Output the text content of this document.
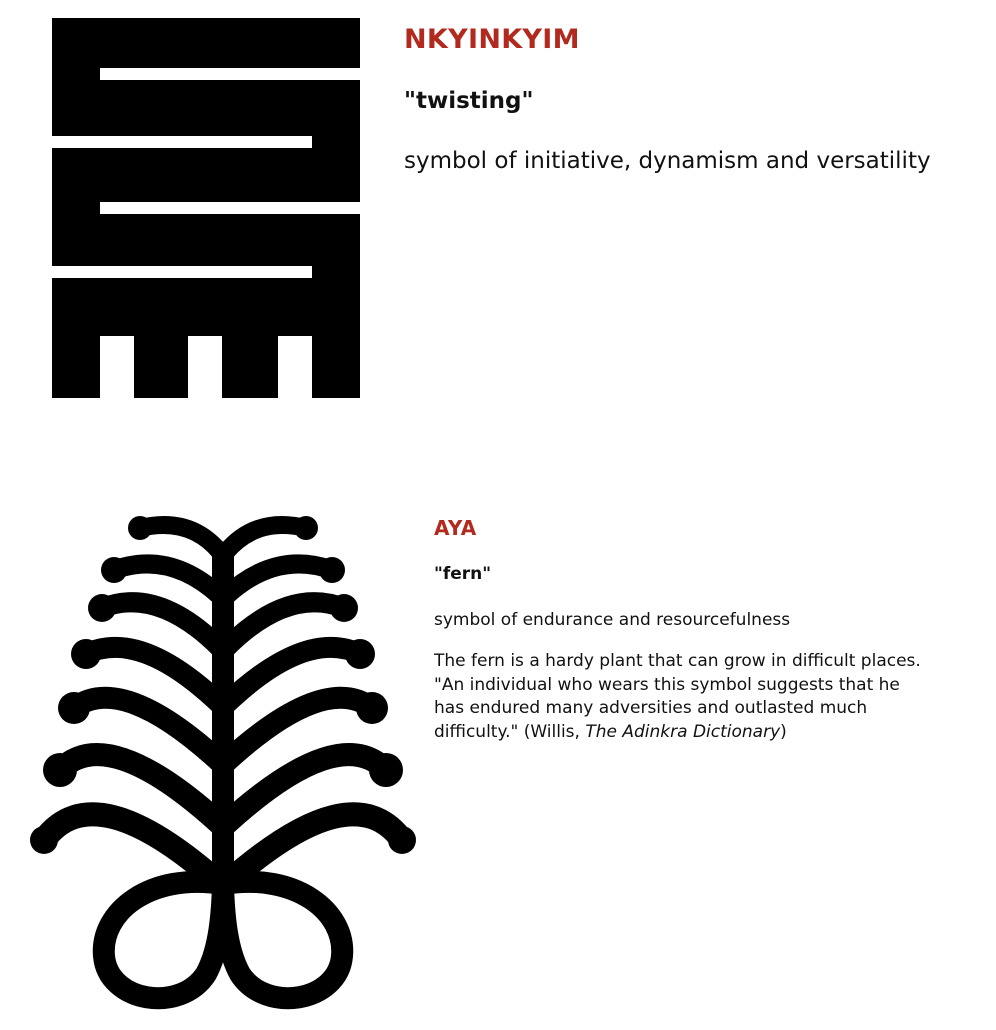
NKYINKYIM

"twisting"

symbol of initiative, dynamism and versatility

AYA

"fern"

symbol of endurance and resourcefulness

The fern is a hardy plant that can grow in difficult places. "An individual who wears this symbol suggests that he has endured many adversities and outlasted much difficulty." (Willis, The Adinkra Dictionary)
